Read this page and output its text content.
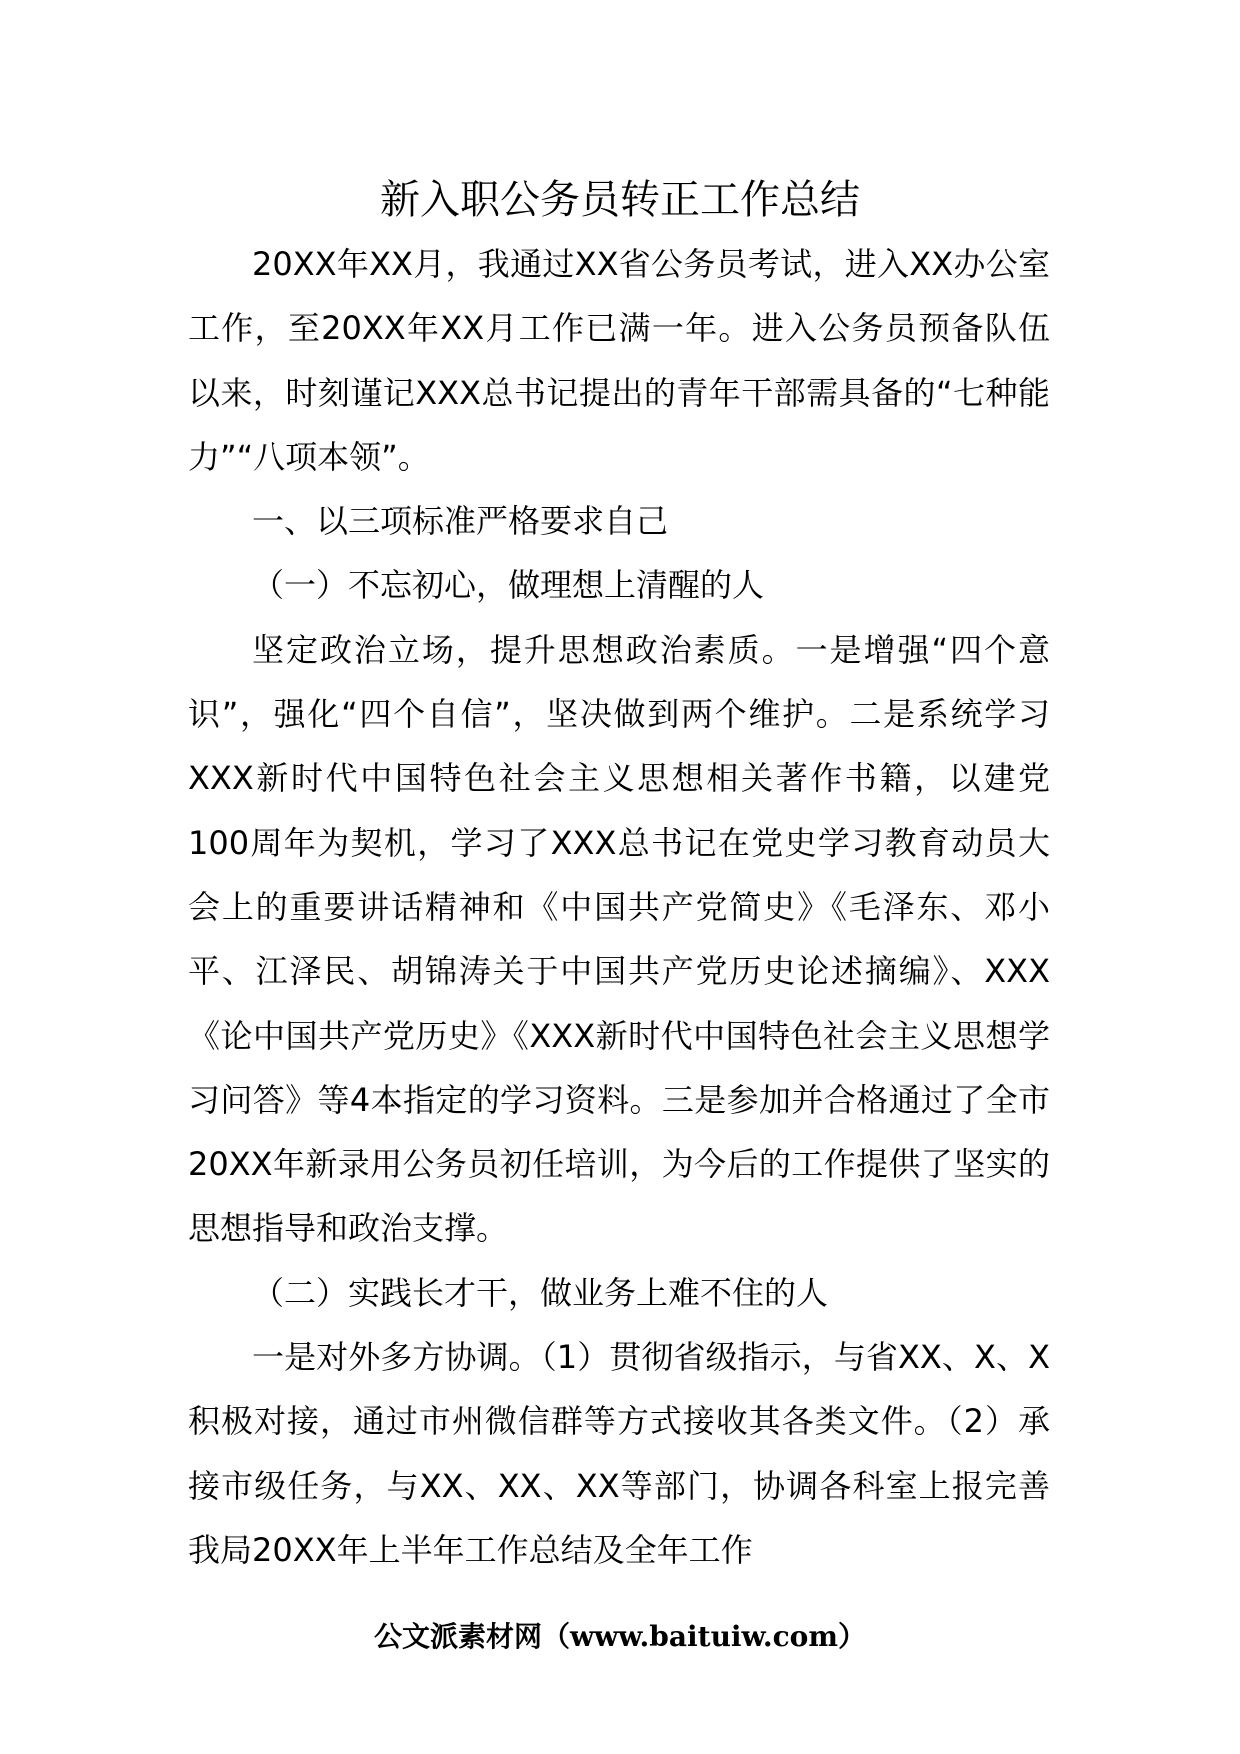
新入职公务员转正工作总结

20XX年XX月，我通过XX省公务员考试，进入XX办公室工作，至20XX年XX月工作已满一年。进入公务员预备队伍以来，时刻谨记XXX总书记提出的青年干部需具备的“七种能力”“八项本领”。

一、以三项标准严格要求自己

（一）不忘初心，做理想上清醒的人

坚定政治立场，提升思想政治素质。一是增强“四个意识”，强化“四个自信”，坚决做到两个维护。二是系统学习XXX新时代中国特色社会主义思想相关著作书籍，以建党100周年为契机，学习了XXX总书记在党史学习教育动员大会上的重要讲话精神和《中国共产党简史》《毛泽东、邓小平、江泽民、胡锦涛关于中国共产党历史论述摘编》、XXX《论中国共产党历史》《XXX新时代中国特色社会主义思想学习问答》等4本指定的学习资料。三是参加并合格通过了全市20XX年新录用公务员初任培训，为今后的工作提供了坚实的思想指导和政治支撑。

（二）实践长才干，做业务上难不住的人

一是对外多方协调。（1）贯彻省级指示，与省XX、X、X积极对接，通过市州微信群等方式接收其各类文件。（2）承接市级任务，与XX、XX、XX等部门，协调各科室上报完善我局20XX年上半年工作总结及全年工作

公文派素材网（www.baituiw.com）
